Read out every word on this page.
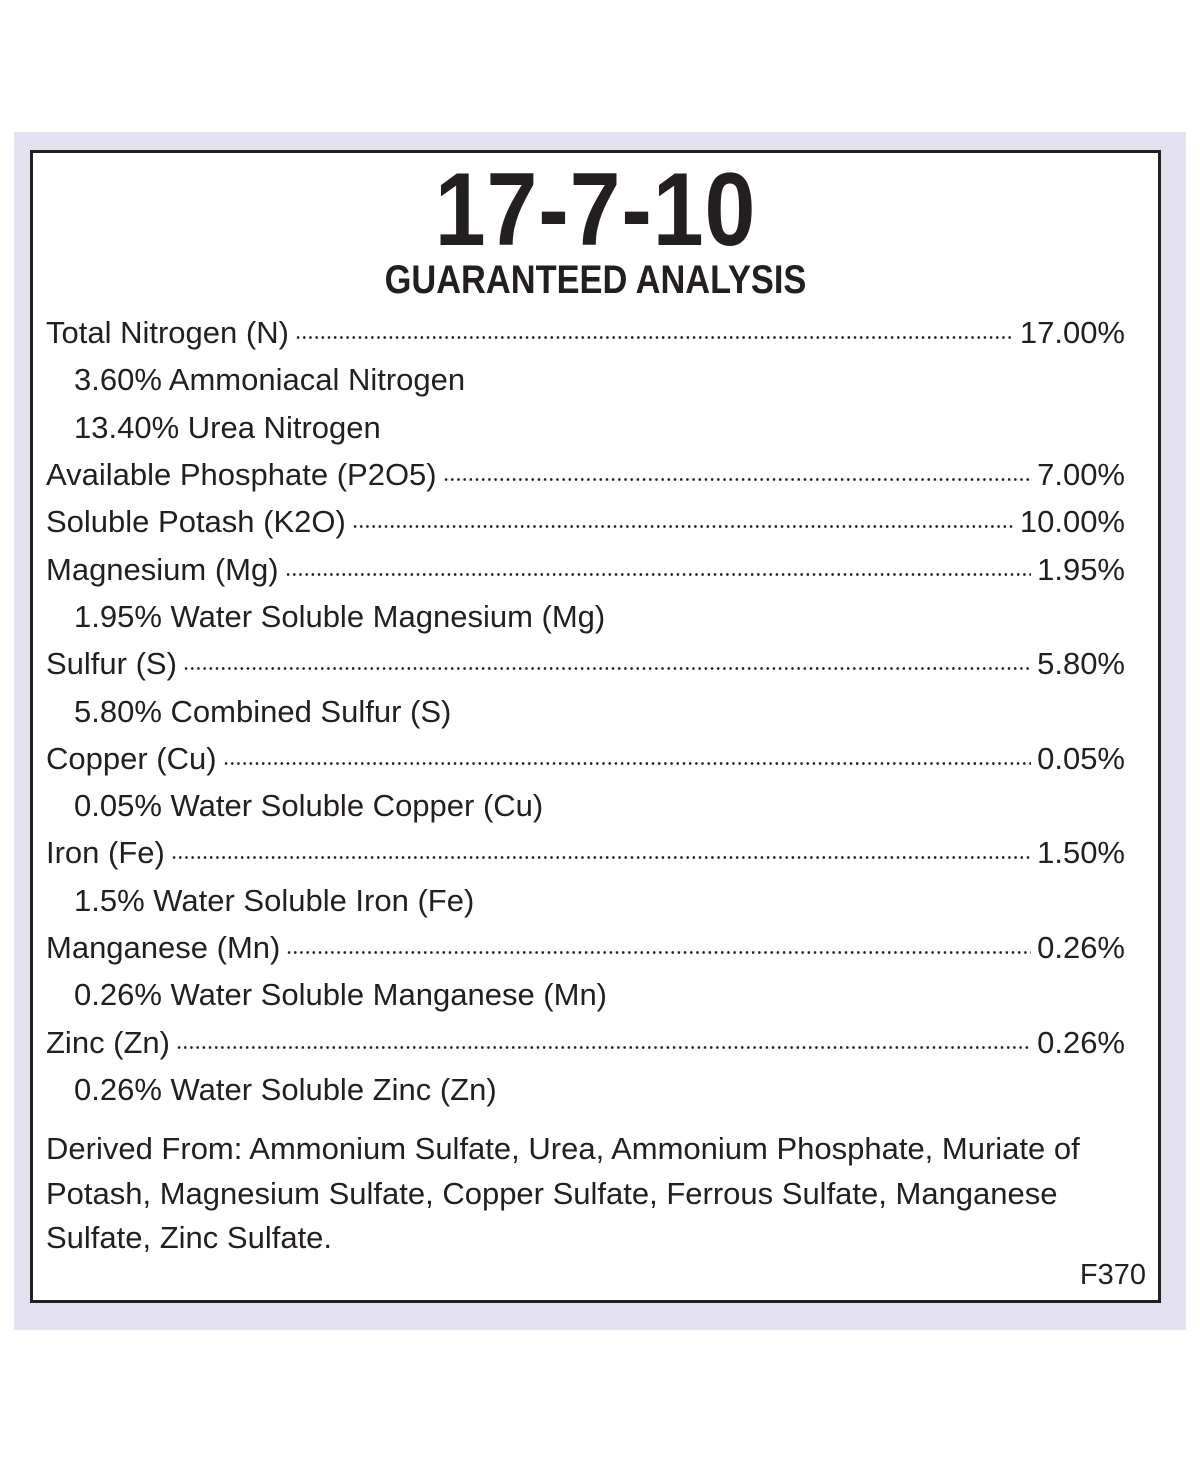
17-7-10
GUARANTEED ANALYSIS
Total Nitrogen (N)	17.00%
3.60% Ammoniacal Nitrogen
13.40% Urea Nitrogen
Available Phosphate (P2O5)	7.00%
Soluble Potash (K2O)	10.00%
Magnesium (Mg)	1.95%
1.95% Water Soluble Magnesium (Mg)
Sulfur (S)	5.80%
5.80% Combined Sulfur (S)
Copper (Cu)	0.05%
0.05% Water Soluble Copper (Cu)
Iron (Fe)	1.50%
1.5% Water Soluble Iron (Fe)
Manganese (Mn)	0.26%
0.26% Water Soluble Manganese (Mn)
Zinc (Zn)	0.26%
0.26% Water Soluble Zinc (Zn)
Derived From: Ammonium Sulfate, Urea, Ammonium Phosphate, Muriate of Potash, Magnesium Sulfate, Copper Sulfate, Ferrous Sulfate, Manganese Sulfate, Zinc Sulfate.
F370
